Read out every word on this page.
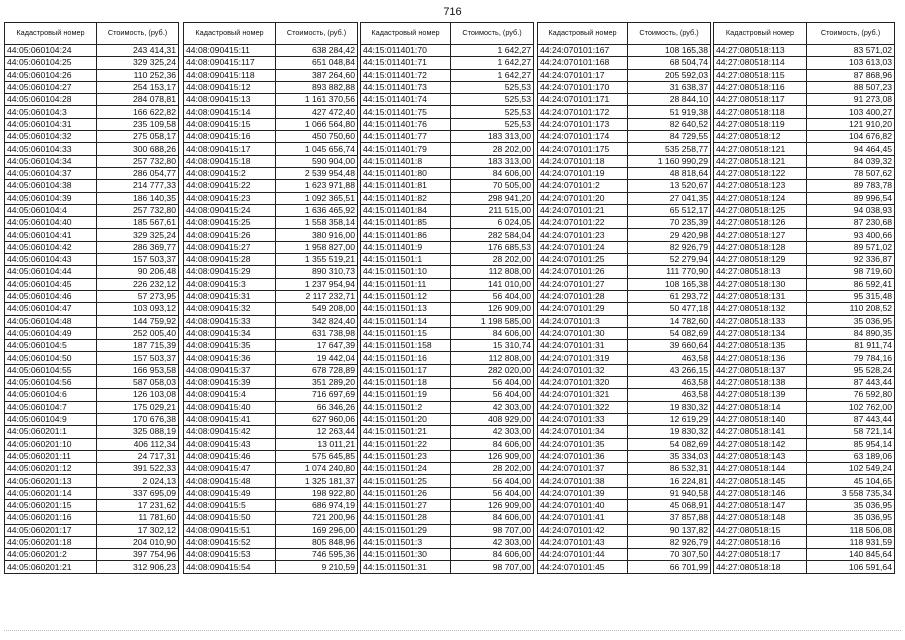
716
Кадастровый номер	Стоимость, (руб.)
44:05:060104:24	243 414,31
44:05:060104:25	329 325,24
44:05:060104:26	110 252,36
44:05:060104:27	254 153,17
44:05:060104:28	284 078,81
44:05:060104:3	166 622,82
44:05:060104:31	235 109,58
44:05:060104:32	275 058,17
44:05:060104:33	300 688,26
44:05:060104:34	257 732,80
44:05:060104:37	286 054,77
44:05:060104:38	214 777,33
44:05:060104:39	186 140,35
44:05:060104:4	257 732,80
44:05:060104:40	185 567,61
44:05:060104:41	329 325,24
44:05:060104:42	286 369,77
44:05:060104:43	157 503,37
44:05:060104:44	90 206,48
44:05:060104:45	226 232,12
44:05:060104:46	57 273,95
44:05:060104:47	103 093,12
44:05:060104:48	144 759,92
44:05:060104:49	252 005,40
44:05:060104:5	187 715,39
44:05:060104:50	157 503,37
44:05:060104:55	166 953,58
44:05:060104:56	587 058,03
44:05:060104:6	126 103,08
44:05:060104:7	175 029,21
44:05:060104:9	170 676,38
44:05:060201:1	325 088,19
44:05:060201:10	406 112,34
44:05:060201:11	24 717,31
44:05:060201:12	391 522,33
44:05:060201:13	2 024,13
44:05:060201:14	337 695,09
44:05:060201:15	17 231,62
44:05:060201:16	11 781,60
44:05:060201:17	17 302,12
44:05:060201:18	204 010,90
44:05:060201:2	397 754,96
44:05:060201:21	312 906,23
Кадастровый номер	Стоимость, (руб.)
44:08:090415:11	638 284,42
44:08:090415:117	651 048,84
44:08:090415:118	387 264,60
44:08:090415:12	893 882,88
44:08:090415:13	1 161 370,56
44:08:090415:14	427 472,40
44:08:090415:15	1 066 564,80
44:08:090415:16	450 750,60
44:08:090415:17	1 045 656,74
44:08:090415:18	590 904,00
44:08:090415:2	2 539 954,48
44:08:090415:22	1 623 971,88
44:08:090415:23	1 092 365,51
44:08:090415:24	1 636 465,92
44:08:090415:25	1 558 358,14
44:08:090415:26	380 916,00
44:08:090415:27	1 958 827,00
44:08:090415:28	1 355 519,21
44:08:090415:29	890 310,73
44:08:090415:3	1 237 954,94
44:08:090415:31	2 117 232,71
44:08:090415:32	549 208,00
44:08:090415:33	342 824,40
44:08:090415:34	631 738,98
44:08:090415:35	17 647,39
44:08:090415:36	19 442,04
44:08:090415:37	678 728,89
44:08:090415:39	351 289,20
44:08:090415:4	716 697,69
44:08:090415:40	66 346,26
44:08:090415:41	627 960,06
44:08:090415:42	12 263,44
44:08:090415:43	13 011,21
44:08:090415:46	575 645,85
44:08:090415:47	1 074 240,80
44:08:090415:48	1 325 181,37
44:08:090415:49	198 922,80
44:08:090415:5	686 974,19
44:08:090415:50	721 200,96
44:08:090415:51	169 296,00
44:08:090415:52	805 848,96
44:08:090415:53	746 595,36
44:08:090415:54	9 210,59
Кадастровый номер	Стоимость, (руб.)
44:15:011401:70	1 642,27
44:15:011401:71	1 642,27
44:15:011401:72	1 642,27
44:15:011401:73	525,53
44:15:011401:74	525,53
44:15:011401:75	525,53
44:15:011401:76	525,53
44:15:011401:77	183 313,00
44:15:011401:79	28 202,00
44:15:011401:8	183 313,00
44:15:011401:80	84 606,00
44:15:011401:81	70 505,00
44:15:011401:82	298 941,20
44:15:011401:84	211 515,00
44:15:011401:85	6 024,05
44:15:011401:86	282 584,04
44:15:011401:9	176 685,53
44:15:011501:1	28 202,00
44:15:011501:10	112 808,00
44:15:011501:11	141 010,00
44:15:011501:12	56 404,00
44:15:011501:13	126 909,00
44:15:011501:14	1 198 585,00
44:15:011501:15	84 606,00
44:15:011501:158	15 310,74
44:15:011501:16	112 808,00
44:15:011501:17	282 020,00
44:15:011501:18	56 404,00
44:15:011501:19	56 404,00
44:15:011501:2	42 303,00
44:15:011501:20	408 929,00
44:15:011501:21	42 303,00
44:15:011501:22	84 606,00
44:15:011501:23	126 909,00
44:15:011501:24	28 202,00
44:15:011501:25	56 404,00
44:15:011501:26	56 404,00
44:15:011501:27	126 909,00
44:15:011501:28	84 606,00
44:15:011501:29	98 707,00
44:15:011501:3	42 303,00
44:15:011501:30	84 606,00
44:15:011501:31	98 707,00
Кадастровый номер	Стоимость, (руб.)
44:24:070101:167	108 165,38
44:24:070101:168	68 504,74
44:24:070101:17	205 592,03
44:24:070101:170	31 638,37
44:24:070101:171	28 844,10
44:24:070101:172	51 919,38
44:24:070101:173	82 640,52
44:24:070101:174	84 729,55
44:24:070101:175	535 258,77
44:24:070101:18	1 160 990,29
44:24:070101:19	48 818,64
44:24:070101:2	13 520,67
44:24:070101:20	27 041,35
44:24:070101:21	65 512,17
44:24:070101:22	70 235,39
44:24:070101:23	29 420,98
44:24:070101:24	82 926,79
44:24:070101:25	52 279,94
44:24:070101:26	111 770,90
44:24:070101:27	108 165,38
44:24:070101:28	61 293,72
44:24:070101:29	50 477,18
44:24:070101:3	14 782,60
44:24:070101:30	54 082,69
44:24:070101:31	39 660,64
44:24:070101:319	463,58
44:24:070101:32	43 266,15
44:24:070101:320	463,58
44:24:070101:321	463,58
44:24:070101:322	19 830,32
44:24:070101:33	12 619,29
44:24:070101:34	19 830,32
44:24:070101:35	54 082,69
44:24:070101:36	35 334,03
44:24:070101:37	86 532,31
44:24:070101:38	16 224,81
44:24:070101:39	91 940,58
44:24:070101:40	45 068,91
44:24:070101:41	37 857,88
44:24:070101:42	90 137,82
44:24:070101:43	82 926,79
44:24:070101:44	70 307,50
44:24:070101:45	66 701,99
Кадастровый номер	Стоимость, (руб.)
44:27:080518:113	83 571,02
44:27:080518:114	103 613,03
44:27:080518:115	87 868,96
44:27:080518:116	88 507,23
44:27:080518:117	91 273,08
44:27:080518:118	103 400,27
44:27:080518:119	121 910,20
44:27:080518:12	104 676,82
44:27:080518:121	94 464,45
44:27:080518:121	84 039,32
44:27:080518:122	78 507,62
44:27:080518:123	89 783,78
44:27:080518:124	89 996,54
44:27:080518:125	94 038,93
44:27:080518:126	87 230,68
44:27:080518:127	93 400,66
44:27:080518:128	89 571,02
44:27:080518:129	92 336,87
44:27:080518:13	98 719,60
44:27:080518:130	86 592,41
44:27:080518:131	95 315,48
44:27:080518:132	110 208,52
44:27:080518:133	35 036,95
44:27:080518:134	84 890,35
44:27:080518:135	81 911,74
44:27:080518:136	79 784,16
44:27:080518:137	95 528,24
44:27:080518:138	87 443,44
44:27:080518:139	76 592,80
44:27:080518:14	102 762,00
44:27:080518:140	87 443,44
44:27:080518:141	58 721,14
44:27:080518:142	85 954,14
44:27:080518:143	63 189,06
44:27:080518:144	102 549,24
44:27:080518:145	45 104,65
44:27:080518:146	3 558 735,34
44:27:080518:147	35 036,95
44:27:080518:148	35 036,95
44:27:080518:15	118 506,08
44:27:080518:16	118 931,59
44:27:080518:17	140 845,64
44:27:080518:18	106 591,64
